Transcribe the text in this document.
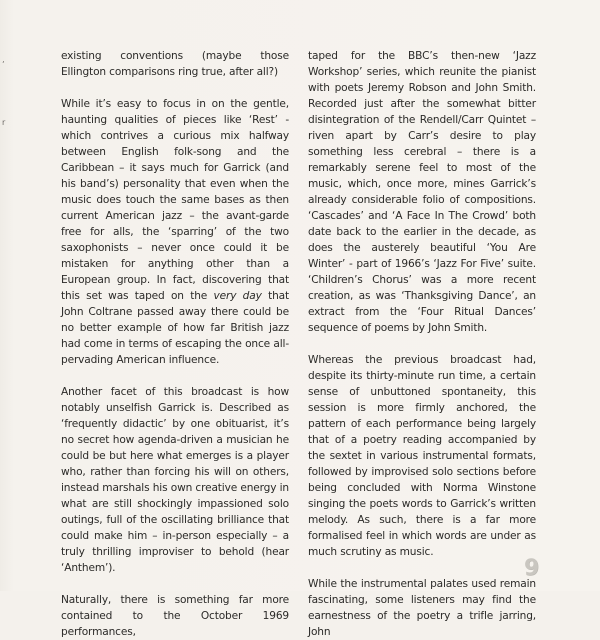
ʼ
r

existing conventions (maybe those Ellington comparisons ring true, after all?)

While it’s easy to focus in on the gentle, haunting qualities of pieces like ‘Rest’ - which contrives a curious mix halfway between English folk-song and the Caribbean – it says much for Garrick (and his band’s) personality that even when the music does touch the same bases as then current American jazz – the avant-garde free for alls, the ‘sparring’ of the two saxophonists – never once could it be mistaken for anything other than a European group. In fact, discovering that this set was taped on the very day that John Coltrane passed away there could be no better example of how far British jazz had come in terms of escaping the once all-pervading American influence.

Another facet of this broadcast is how notably unselfish Garrick is. Described as ‘frequently didactic’ by one obituarist, it’s no secret how agenda-driven a musician he could be but here what emerges is a player who, rather than forcing his will on others, instead marshals his own creative energy in what are still shockingly impassioned solo outings, full of the oscillating brilliance that could make him – in-person especially – a truly thrilling improviser to behold (hear ‘Anthem’).

Naturally, there is something far more contained to the October 1969 performances,

taped for the BBC’s then-new ‘Jazz Workshop’ series, which reunite the pianist with poets Jeremy Robson and John Smith. Recorded just after the somewhat bitter disintegration of the Rendell/Carr Quintet – riven apart by Carr’s desire to play something less cerebral – there is a remarkably serene feel to most of the music, which, once more, mines Garrick’s already considerable folio of compositions. ‘Cascades’ and ‘A Face In The Crowd’ both date back to the earlier in the decade, as does the austerely beautiful ‘You Are Winter’ - part of 1966’s ‘Jazz For Five’ suite. ‘Children’s Chorus’ was a more recent creation, as was ‘Thanksgiving Dance’, an extract from the ‘Four Ritual Dances’ sequence of poems by John Smith.

Whereas the previous broadcast had, despite its thirty-minute run time, a certain sense of unbuttoned spontaneity, this session is more firmly anchored, the pattern of each performance being largely that of a poetry reading accompanied by the sextet in various instrumental formats, followed by improvised solo sections before being concluded with Norma Winstone singing the poets words to Garrick’s written melody. As such, there is a far more formalised feel in which words are under as much scrutiny as music.

While the instrumental palates used remain fascinating, some listeners may find the earnestness of the poetry a trifle jarring, John

9
